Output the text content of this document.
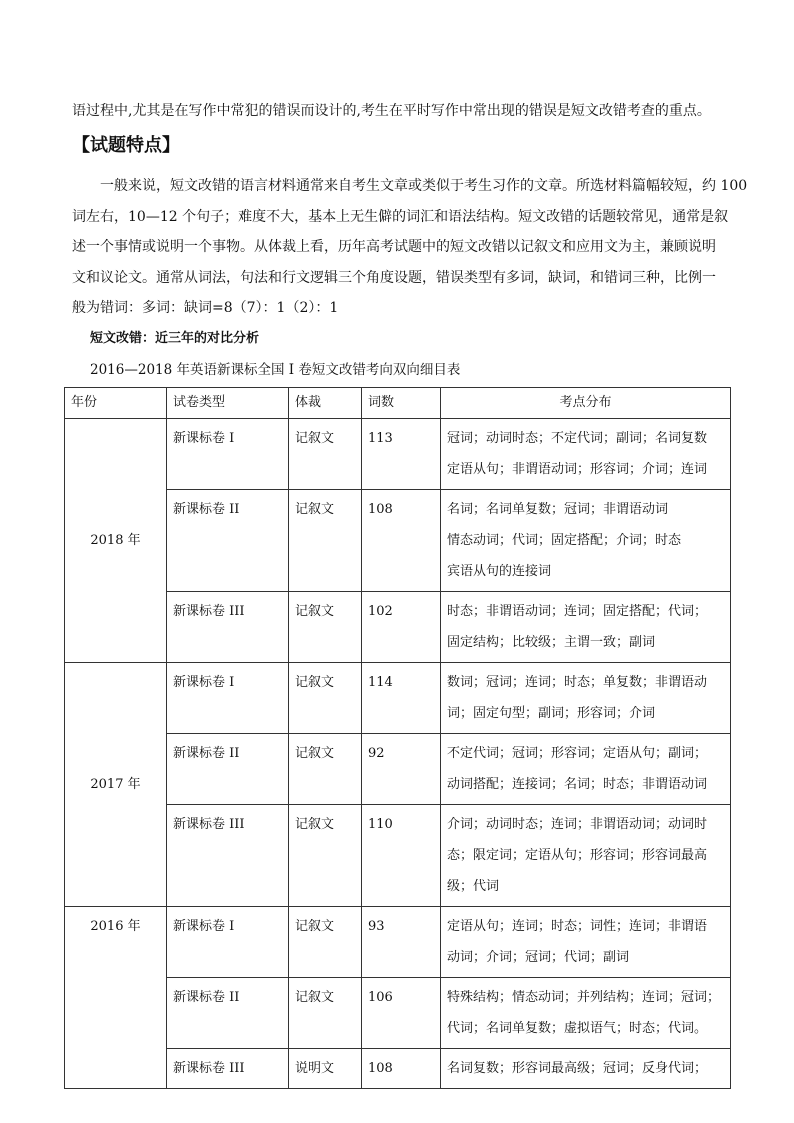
语过程中,尤其是在写作中常犯的错误而设计的,考生在平时写作中常出现的错误是短文改错考查的重点。
【试题特点】
一般来说，短文改错的语言材料通常来自考生文章或类似于考生习作的文章。所选材料篇幅较短，约 100
词左右，10—12 个句子；难度不大，基本上无生僻的词汇和语法结构。短文改错的话题较常见，通常是叙
述一个事情或说明一个事物。从体裁上看，历年高考试题中的短文改错以记叙文和应用文为主，兼顾说明
文和议论文。通常从词法，句法和行文逻辑三个角度设题，错误类型有多词，缺词，和错词三种，比例一
般为错词：多词：缺词=8（7）：1（2）：1
短文改错：近三年的对比分析
2016—2018 年英语新课标全国 I 卷短文改错考向双向细目表
年份	试卷类型	体裁	词数	考点分布
2018 年	新课标卷 I	记叙文	113	冠词；动词时态；不定代词；副词；名词复数
定语从句；非谓语动词；形容词；介词；连词

	新课标卷 II	记叙文	108	名词；名词单复数；冠词；非谓语动词
情态动词；代词；固定搭配；介词；时态
宾语从句的连接词

	新课标卷 III	记叙文	102	时态；非谓语动词；连词；固定搭配；代词；
固定结构；比较级；主谓一致；副词

2017 年	新课标卷 I	记叙文	114	数词；冠词；连词；时态；单复数；非谓语动
词；固定句型；副词；形容词；介词

	新课标卷 II	记叙文	92	不定代词；冠词；形容词；定语从句；副词；
动词搭配；连接词；名词；时态；非谓语动词

	新课标卷 III	记叙文	110	介词；动词时态；连词；非谓语动词；动词时
态；限定词；定语从句；形容词；形容词最高
级；代词

2016 年	新课标卷 I	记叙文	93	定语从句；连词；时态；词性；连词；非谓语
动词；介词；冠词；代词；副词

	新课标卷 II	记叙文	106	特殊结构；情态动词；并列结构；连词；冠词；
代词；名词单复数；虚拟语气；时态；代词。

	新课标卷 III	说明文	108	名词复数；形容词最高级；冠词；反身代词；
